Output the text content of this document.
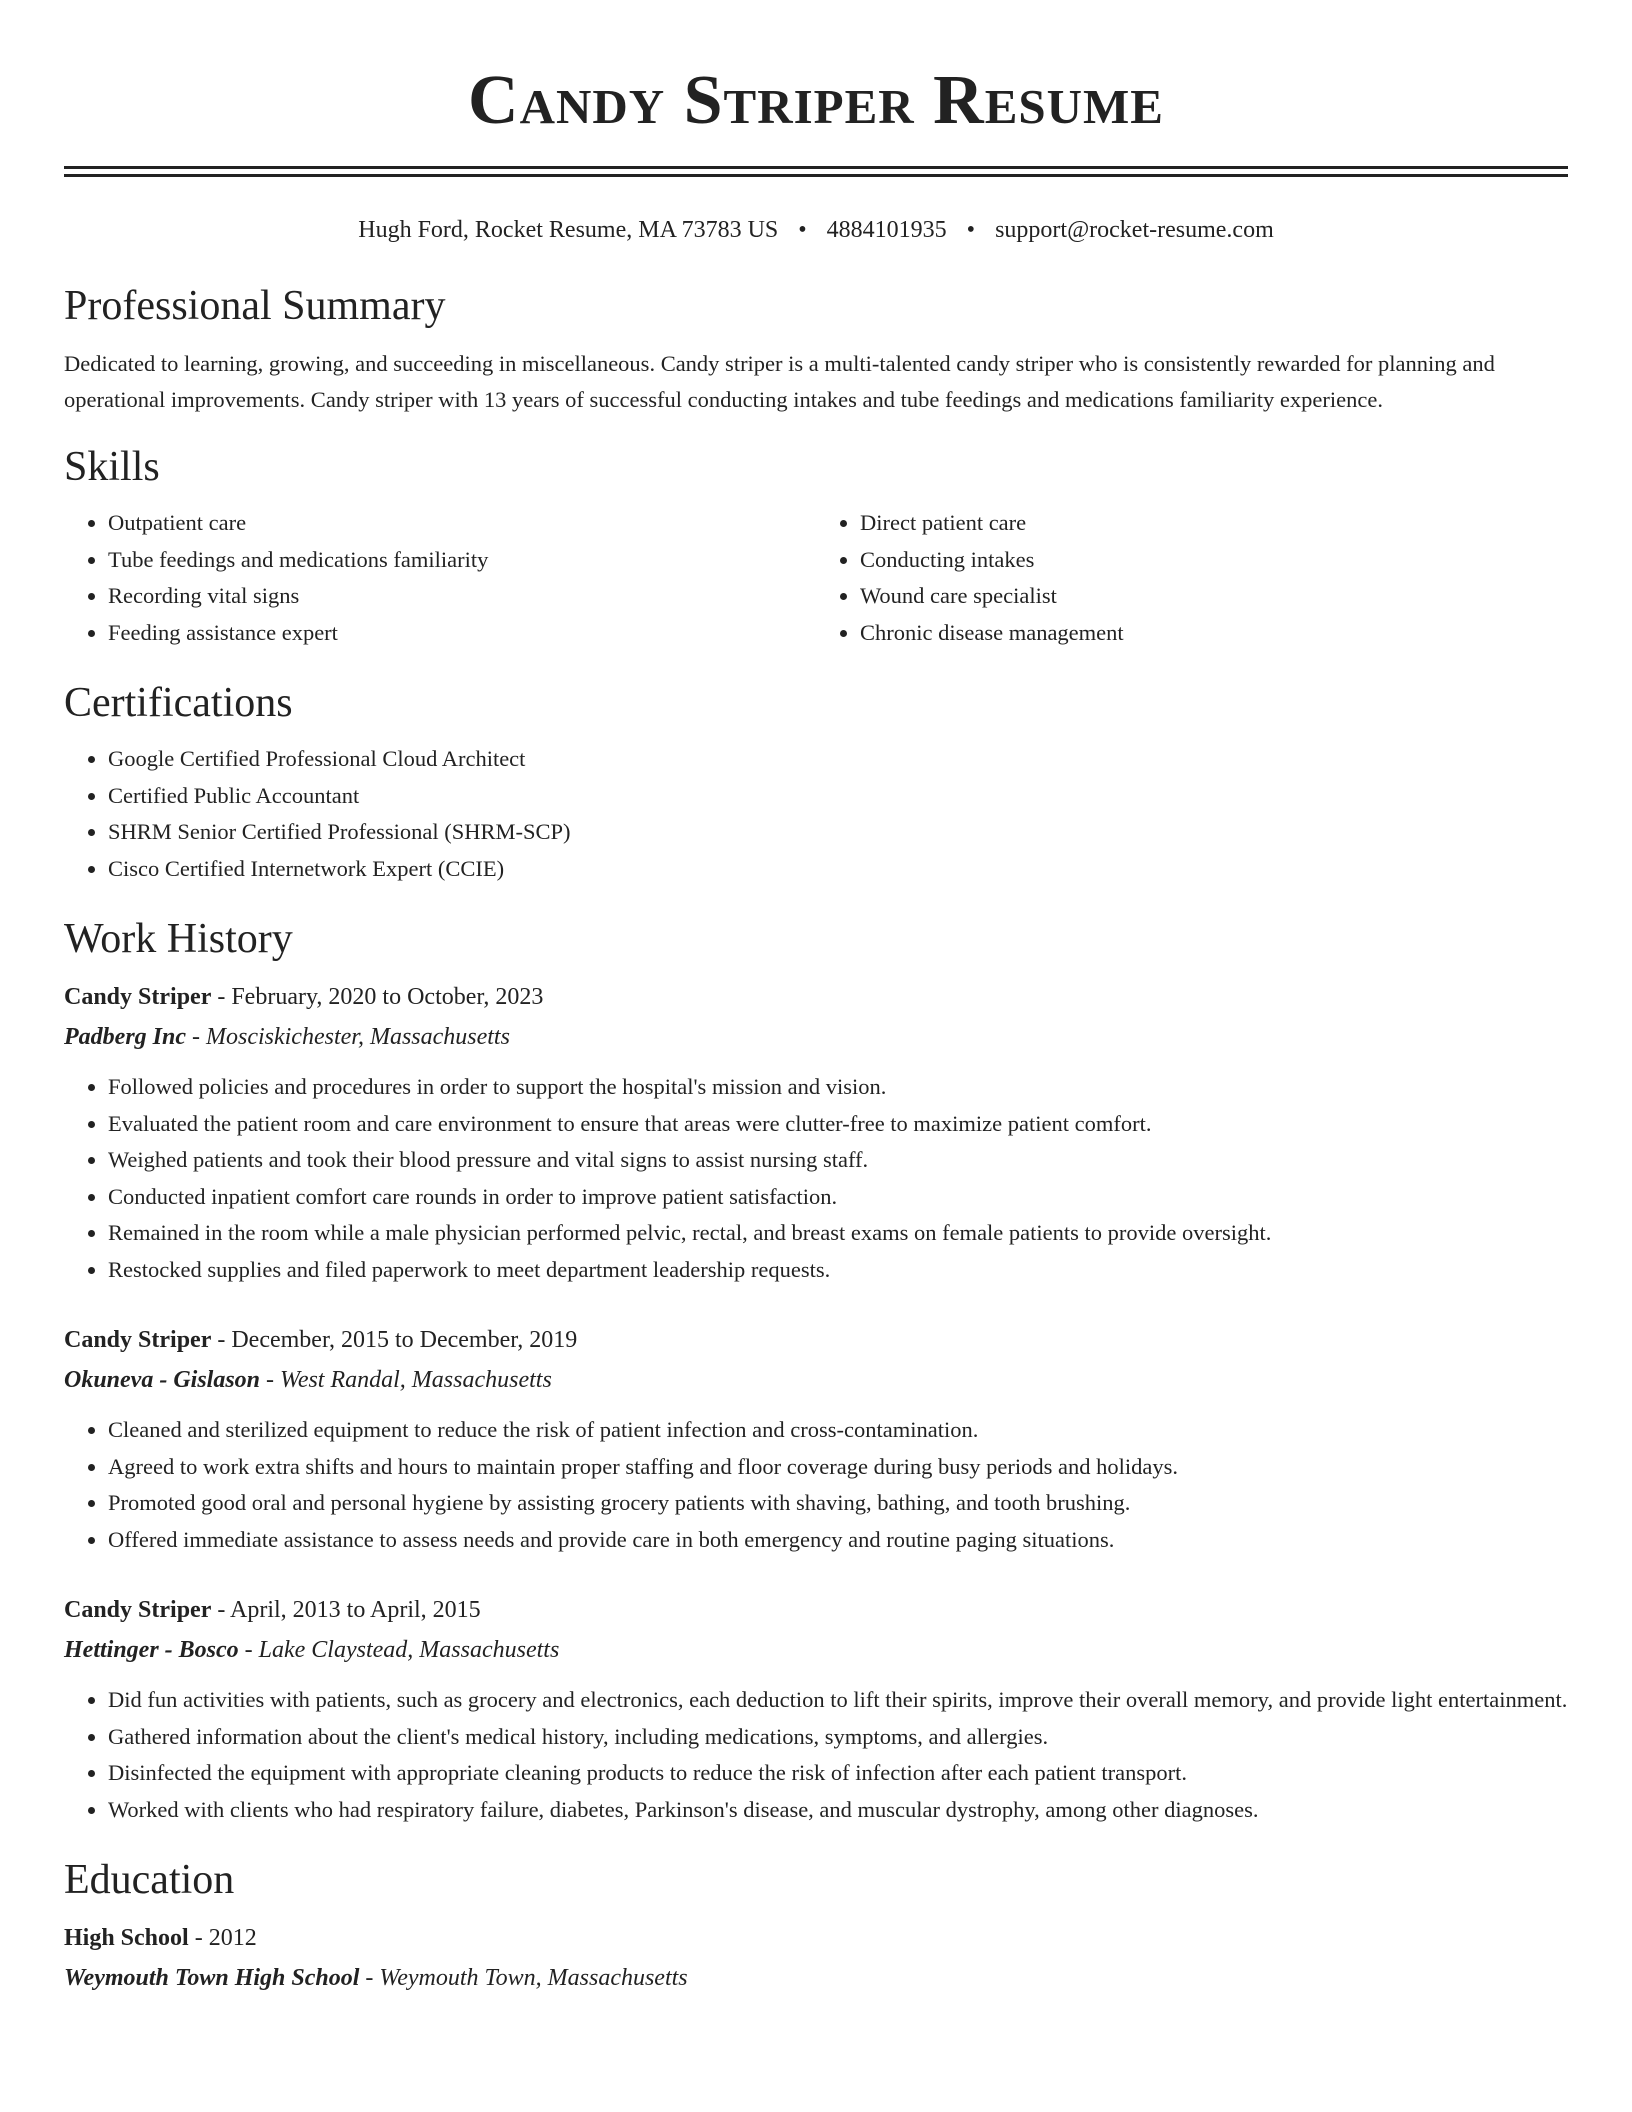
Candy Striper Resume
Hugh Ford, Rocket Resume, MA 73783 US • 4884101935 • support@rocket-resume.com
Professional Summary

Dedicated to learning, growing, and succeeding in miscellaneous. Candy striper is a multi-talented candy striper who is consistently rewarded for planning and operational improvements. Candy striper with 13 years of successful conducting intakes and tube feedings and medications familiarity experience.

Skills
• Outpatient care
• Tube feedings and medications familiarity
• Recording vital signs
• Feeding assistance expert
• Direct patient care
• Conducting intakes
• Wound care specialist
• Chronic disease management
Certifications
• Google Certified Professional Cloud Architect
• Certified Public Accountant
• SHRM Senior Certified Professional (SHRM-SCP)
• Cisco Certified Internetwork Expert (CCIE)
Work History
Candy Striper - February, 2020 to October, 2023
Padberg Inc - Mosciskichester, Massachusetts
• Followed policies and procedures in order to support the hospital's mission and vision.
• Evaluated the patient room and care environment to ensure that areas were clutter-free to maximize patient comfort.
• Weighed patients and took their blood pressure and vital signs to assist nursing staff.
• Conducted inpatient comfort care rounds in order to improve patient satisfaction.
• Remained in the room while a male physician performed pelvic, rectal, and breast exams on female patients to provide oversight.
• Restocked supplies and filed paperwork to meet department leadership requests.
Candy Striper - December, 2015 to December, 2019
Okuneva - Gislason - West Randal, Massachusetts
• Cleaned and sterilized equipment to reduce the risk of patient infection and cross-contamination.
• Agreed to work extra shifts and hours to maintain proper staffing and floor coverage during busy periods and holidays.
• Promoted good oral and personal hygiene by assisting grocery patients with shaving, bathing, and tooth brushing.
• Offered immediate assistance to assess needs and provide care in both emergency and routine paging situations.
Candy Striper - April, 2013 to April, 2015
Hettinger - Bosco - Lake Claystead, Massachusetts
• Did fun activities with patients, such as grocery and electronics, each deduction to lift their spirits, improve their overall memory, and provide light entertainment.
• Gathered information about the client's medical history, including medications, symptoms, and allergies.
• Disinfected the equipment with appropriate cleaning products to reduce the risk of infection after each patient transport.
• Worked with clients who had respiratory failure, diabetes, Parkinson's disease, and muscular dystrophy, among other diagnoses.
Education
High School - 2012
Weymouth Town High School - Weymouth Town, Massachusetts
